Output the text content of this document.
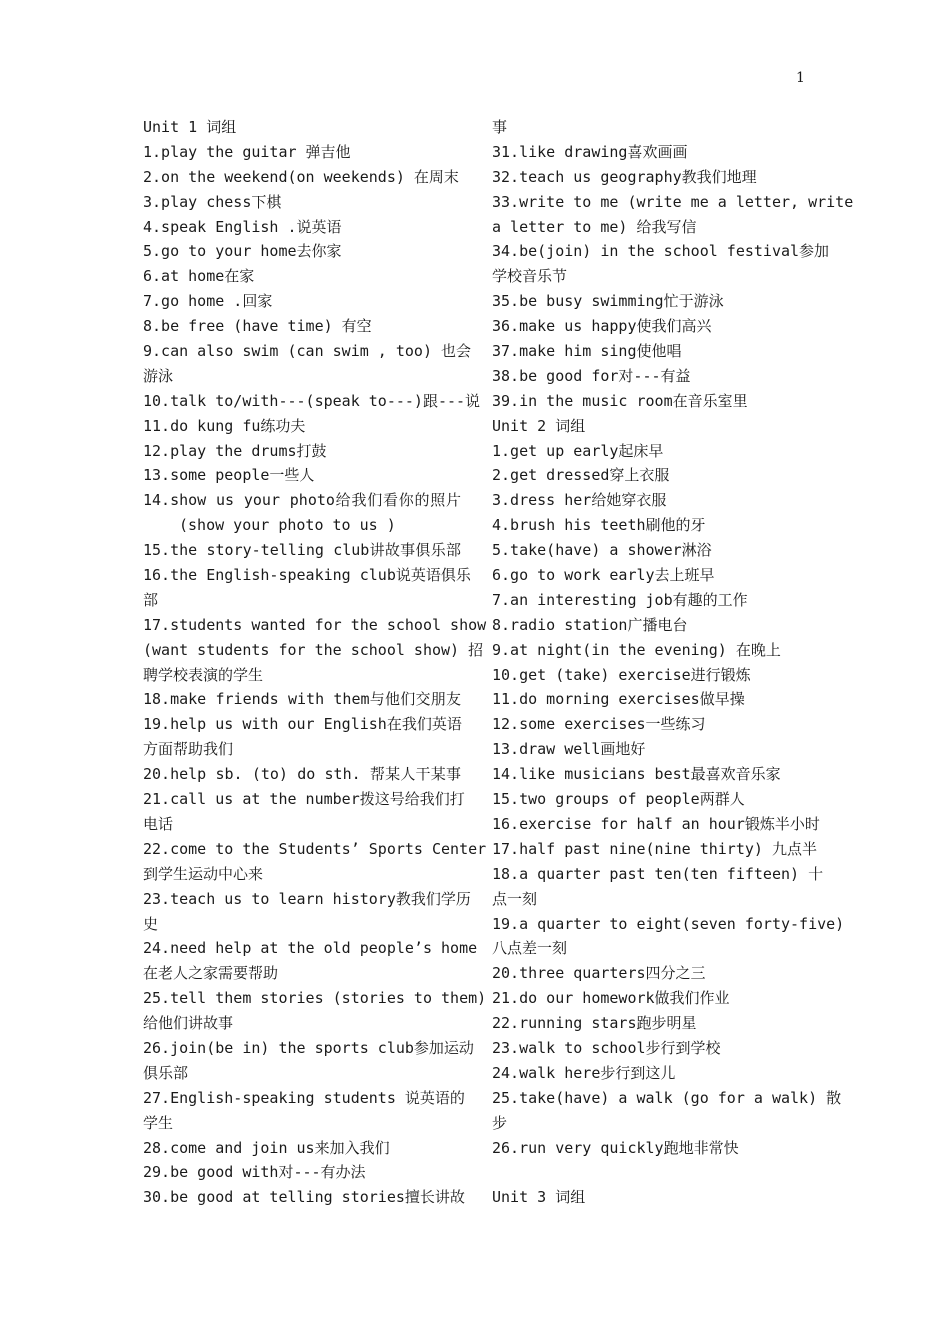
1
Unit 1 词组
1.play the guitar 弹吉他
2.on the weekend(on weekends) 在周末
3.play chess下棋
4.speak English .说英语
5.go to your home去你家
6.at home在家
7.go home .回家
8.be free (have time) 有空
9.can also swim (can swim , too) 也会
游泳
10.talk to/with---(speak to---)跟---说
11.do kung fu练功夫
12.play the drums打鼓
13.some people一些人
14.show us your photo给我们看你的照片
(show your photo to us )
15.the story-telling club讲故事俱乐部
16.the English-speaking club说英语俱乐
部
17.students wanted for the school show
(want students for the school show) 招
聘学校表演的学生
18.make friends with them与他们交朋友
19.help us with our English在我们英语
方面帮助我们
20.help sb. (to) do sth. 帮某人干某事
21.call us at the number拨这号给我们打
电话
22.come to the Students’ Sports Center
到学生运动中心来
23.teach us to learn history教我们学历
史
24.need help at the old people’s home
在老人之家需要帮助
25.tell them stories (stories to them)
给他们讲故事
26.join(be in) the sports club参加运动
俱乐部
27.English-speaking students 说英语的
学生
28.come and join us来加入我们
29.be good with对---有办法
30.be good at telling stories擅长讲故
事
31.like drawing喜欢画画
32.teach us geography教我们地理
33.write to me (write me a letter, write
a letter to me) 给我写信
34.be(join) in the school festival参加
学校音乐节
35.be busy swimming忙于游泳
36.make us happy使我们高兴
37.make him sing使他唱
38.be good for对---有益
39.in the music room在音乐室里
Unit 2 词组
1.get up early起床早
2.get dressed穿上衣服
3.dress her给她穿衣服
4.brush his teeth刷他的牙
5.take(have) a shower淋浴
6.go to work early去上班早
7.an interesting job有趣的工作
8.radio station广播电台
9.at night(in the evening) 在晚上
10.get (take) exercise进行锻炼
11.do morning exercises做早操
12.some exercises一些练习
13.draw well画地好
14.like musicians best最喜欢音乐家
15.two groups of people两群人
16.exercise for half an hour锻炼半小时
17.half past nine(nine thirty) 九点半
18.a quarter past ten(ten fifteen) 十
点一刻
19.a quarter to eight(seven forty-five)
八点差一刻
20.three quarters四分之三
21.do our homework做我们作业
22.running stars跑步明星
23.walk to school步行到学校
24.walk here步行到这儿
25.take(have) a walk (go for a walk) 散
步
26.run very quickly跑地非常快
Unit 3 词组
